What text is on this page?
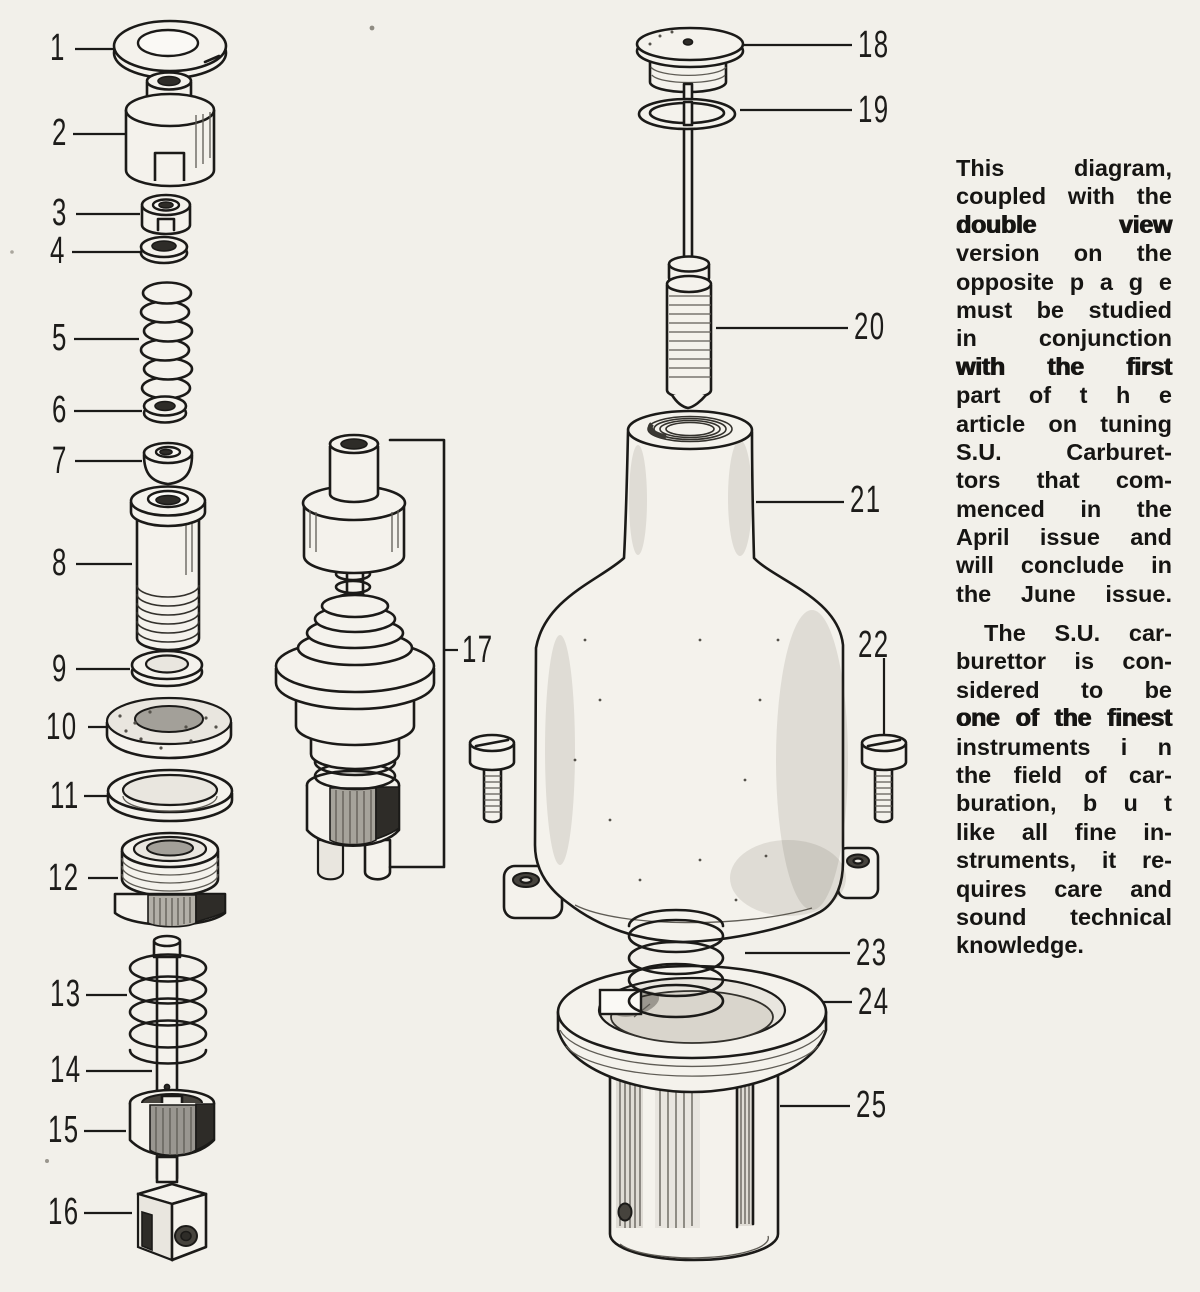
1
2
3
4
5
6
7
8
9
10
11
12
13
14
15
16
17
18
19
20
21
22
23
24
25
This diagram,
coupled with the
double view
version on the
opposite p a g e
must be studied
in conjunction
with the first
part of t h e
article on tuning
S.U. Carburet-
tors that com-
menced in the
April issue and
will conclude in
the June issue.
The S.U. car-
burettor is con-
sidered to be
one of the finest
instruments i n
the field of car-
buration, b u t
like all fine in-
struments, it re-
quires care and
sound technical
knowledge.
